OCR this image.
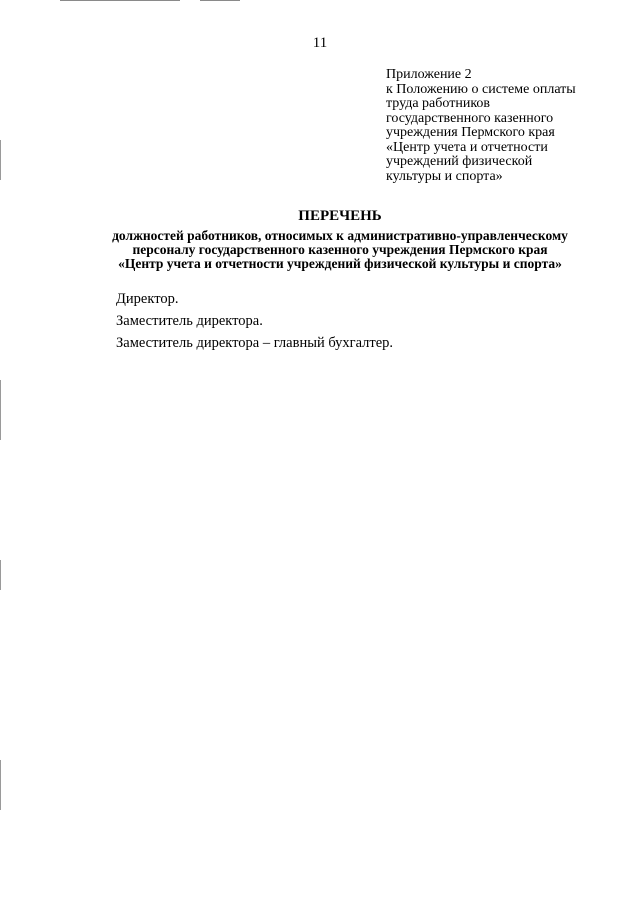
11
Приложение 2
к Положению о системе оплаты
труда работников
государственного казенного
учреждения Пермского края
«Центр учета и отчетности
учреждений физической
культуры и спорта»
ПЕРЕЧЕНЬ
должностей работников, относимых к административно-управленческому
персоналу государственного казенного учреждения Пермского края
«Центр учета и отчетности учреждений физической культуры и спорта»
Директор.
Заместитель директора.
Заместитель директора – главный бухгалтер.
